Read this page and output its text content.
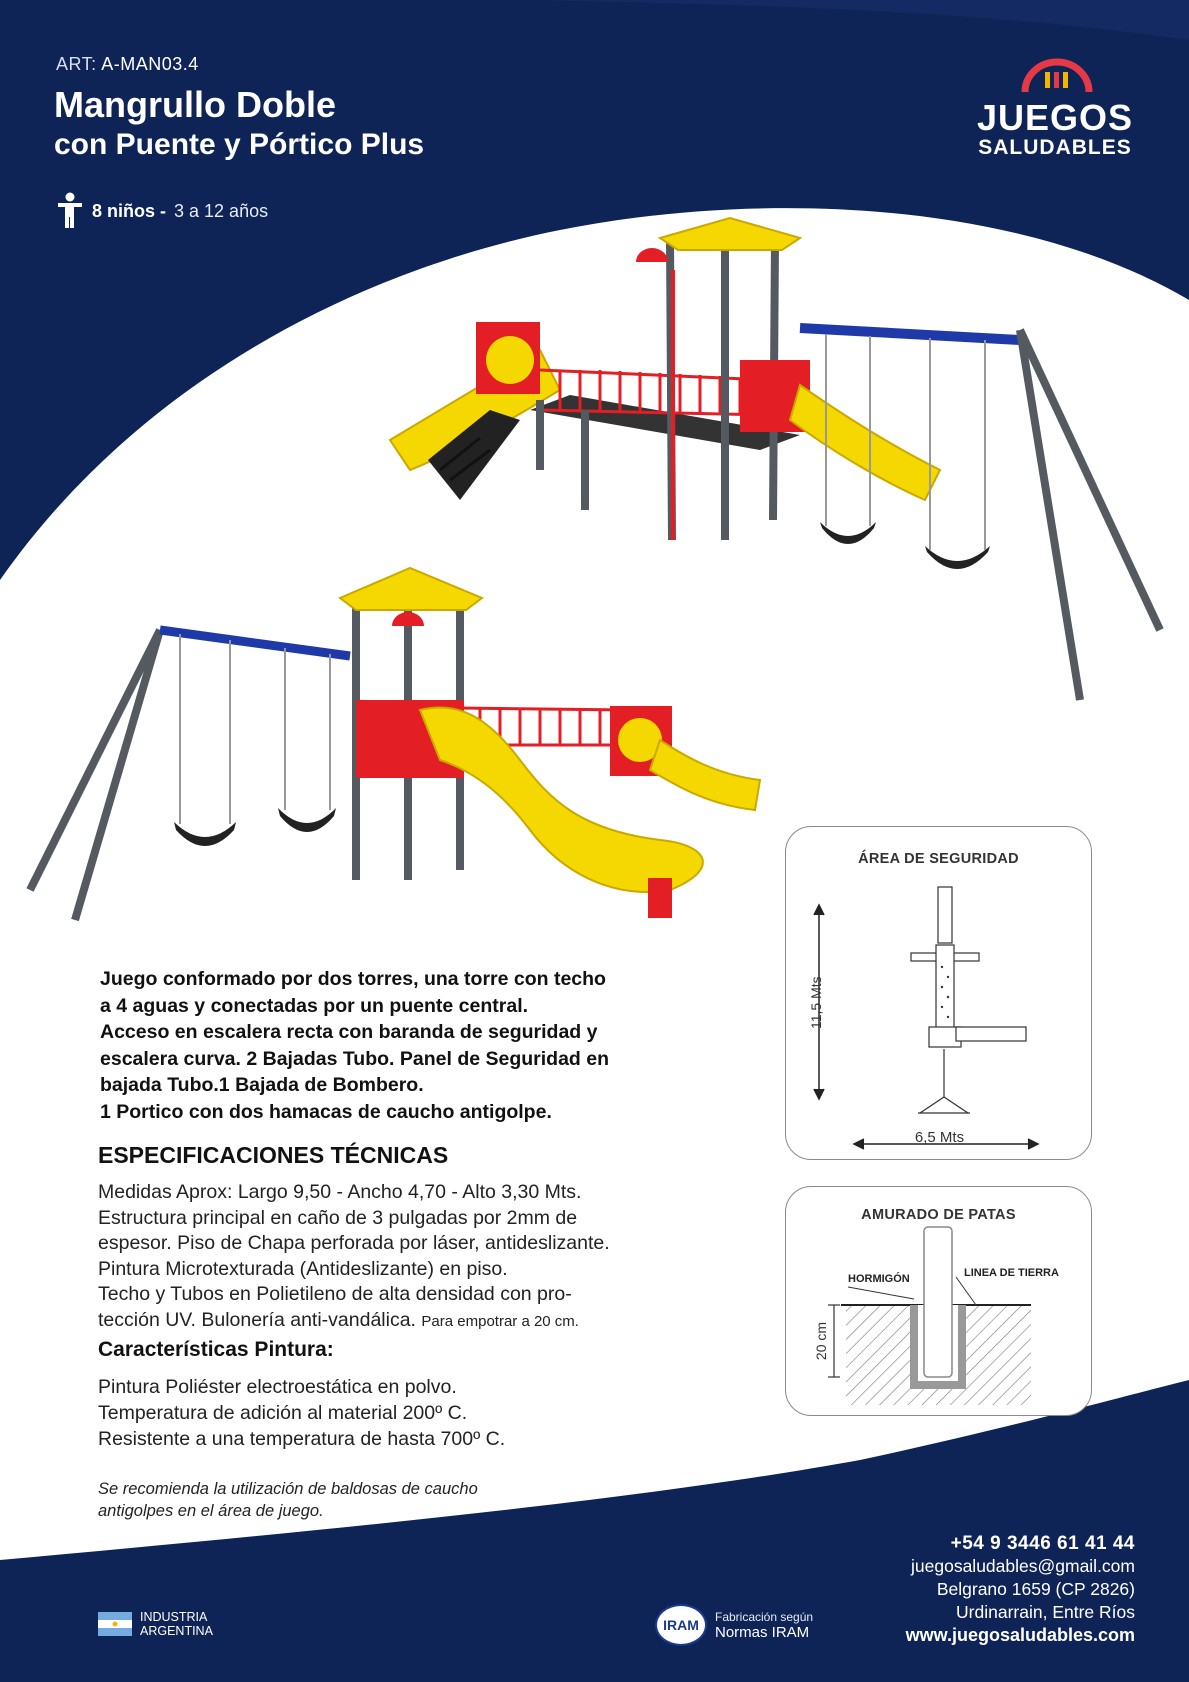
ART: A-MAN03.4
Mangrullo Doble
con Puente y Pórtico Plus
8 niños - 3 a 12 años
JUEGOS
SALUDABLES
Juego conformado por dos torres, una torre con techo
a 4 aguas y conectadas por un puente central.
Acceso en escalera recta con baranda de seguridad y
escalera curva. 2 Bajadas Tubo. Panel de Seguridad en
bajada Tubo.1 Bajada de Bombero.
1 Portico con dos hamacas de caucho antigolpe.
ESPECIFICACIONES TÉCNICAS
Medidas Aprox: Largo 9,50 - Ancho 4,70 - Alto 3,30 Mts.
Estructura principal en caño de 3 pulgadas por 2mm de
espesor. Piso de Chapa perforada por láser, antideslizante.
Pintura Microtexturada (Antideslizante) en piso.
Techo y Tubos en Polietileno de alta densidad con pro-
tección UV. Bulonería anti-vandálica. Para empotrar a 20 cm.
Características Pintura:
Pintura Poliéster electroestática en polvo.
Temperatura de adición al material 200º C.
Resistente a una temperatura de hasta 700º C.
Se recomienda la utilización de baldosas de caucho
antigolpes en el área de juego.
ÁREA DE SEGURIDAD
11,5 Mts
6,5 Mts
AMURADO DE PATAS
HORMIGÓN	LINEA DE TIERRA
20 cm
+54 9 3446 61 41 44
juegosaludables@gmail.com
Belgrano 1659 (CP 2826)
Urdinarrain, Entre Ríos
www.juegosaludables.com
INDUSTRIA
ARGENTINA	IRAM
Fabricación según
Normas IRAM
